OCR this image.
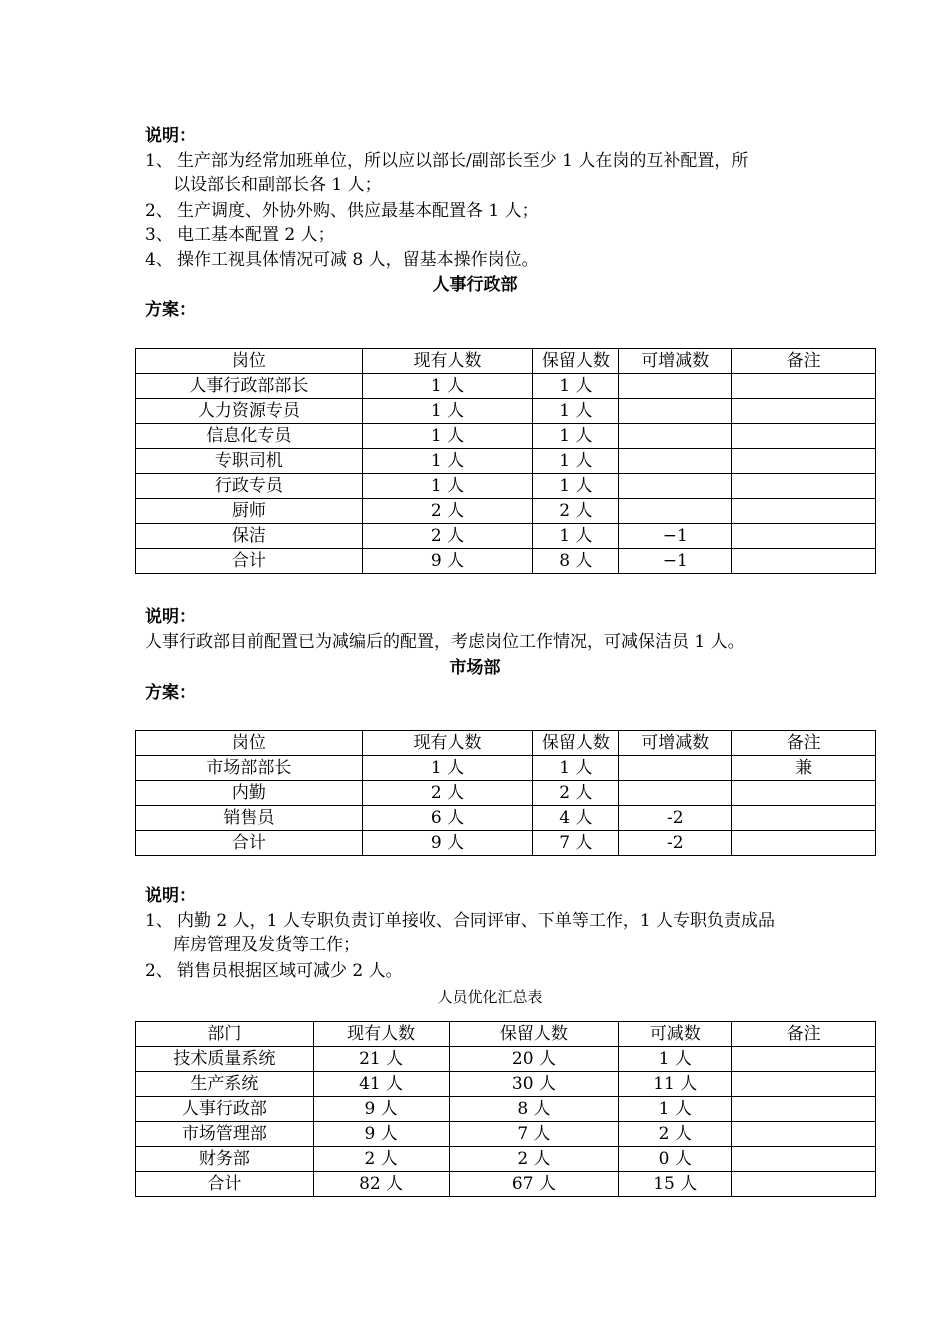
说明：
1、 生产部为经常加班单位，所以应以部长/副部长至少 1 人在岗的互补配置，所
以设部长和副部长各 1 人；
2、 生产调度、外协外购、供应最基本配置各 1 人；
3、 电工基本配置 2 人；
4、 操作工视具体情况可减 8 人，留基本操作岗位。
人事行政部
方案：
岗位	现有人数	保留人数	可增减数	备注
人事行政部部长	1 人	1 人		
人力资源专员	1 人	1 人		
信息化专员	1 人	1 人		
专职司机	1 人	1 人		
行政专员	1 人	1 人		
厨师	2 人	2 人		
保洁	2 人	1 人	−1	
合计	9 人	8 人	−1	
说明：
人事行政部目前配置已为减编后的配置，考虑岗位工作情况，可减保洁员 1 人。
市场部
方案：
岗位	现有人数	保留人数	可增减数	备注
市场部部长	1 人	1 人		兼
内勤	2 人	2 人		
销售员	6 人	4 人	-2	
合计	9 人	7 人	-2	
说明：
1、 内勤 2 人，1 人专职负责订单接收、合同评审、下单等工作，1 人专职负责成品
库房管理及发货等工作；
2、 销售员根据区域可减少 2 人。
人员优化汇总表
部门	现有人数	保留人数	可减数	备注
技术质量系统	21 人	20 人	1 人	
生产系统	41 人	30 人	11 人	
人事行政部	9 人	8 人	1 人	
市场管理部	9 人	7 人	2 人	
财务部	2 人	2 人	0 人	
合计	82 人	67 人	15 人	
